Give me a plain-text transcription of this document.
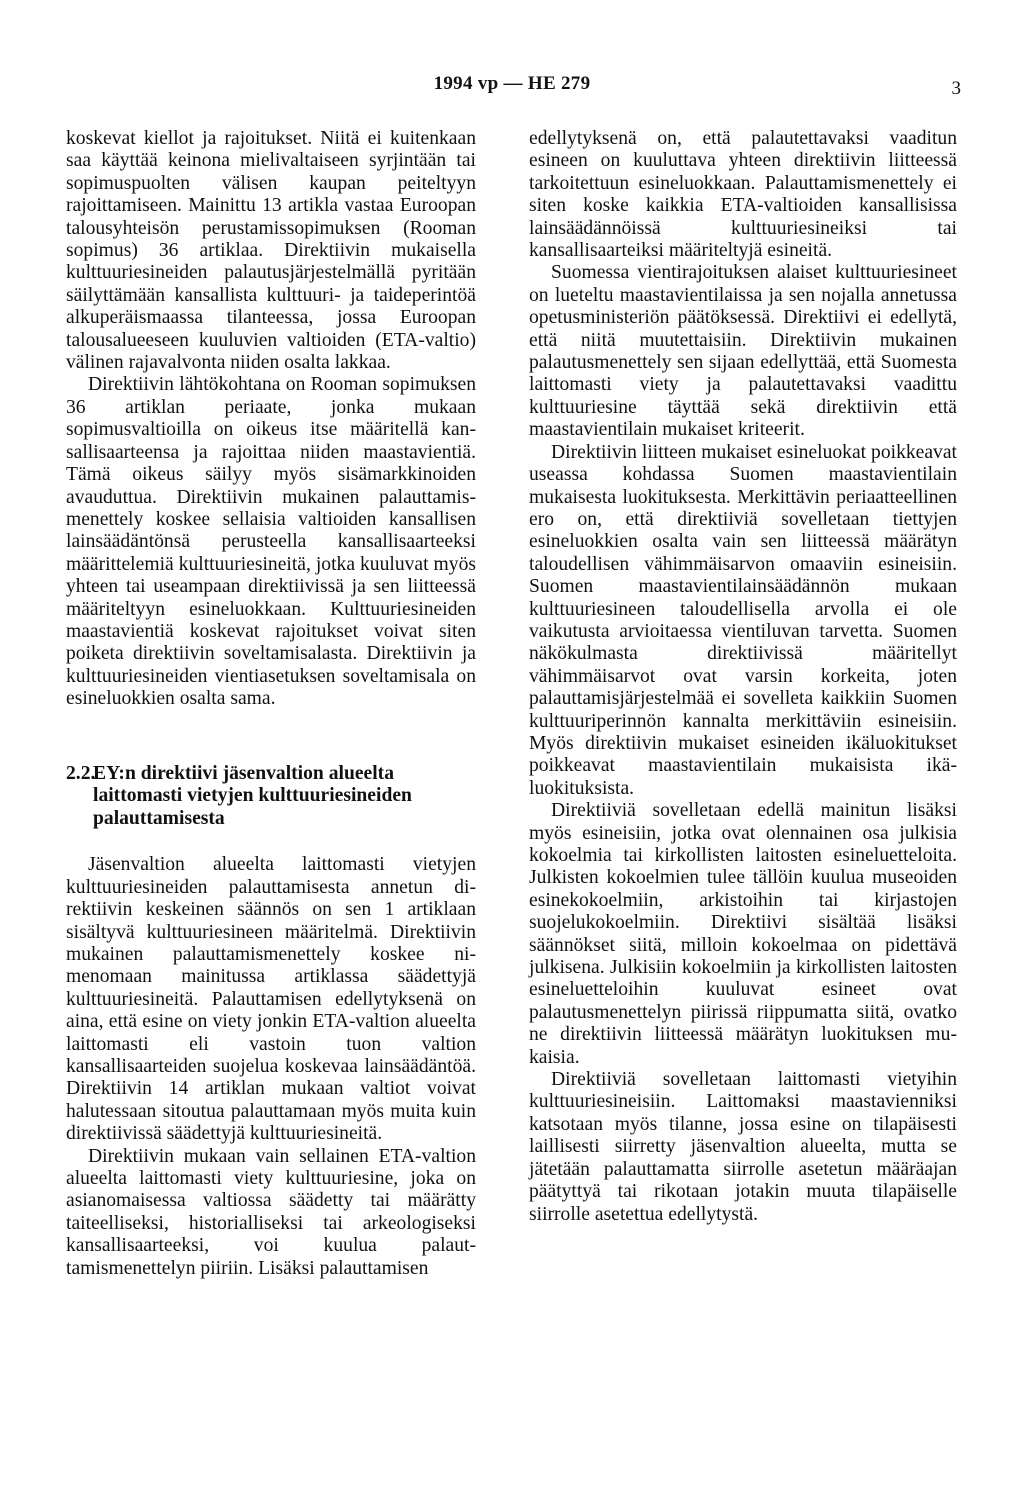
1994 vp — HE 279	3

koskevat kiellot ja rajoitukset. Niitä ei kuitenkaan saa käyttää keinona mielivaltaiseen syrjintään tai sopimuspuolten välisen kaupan peiteltyyn rajoittamiseen. Mainittu 13 artikla vastaa Euroopan talousyhteisön perustamissopimuksen (Rooman sopimus) 36 artiklaa. Direktiivin mukaisella kulttuuriesineiden palautusjärjestelmällä pyritään säilyttämään kansallista kulttuuri- ja taideperintöä alkuperäismaassa tilanteessa, jossa Euroopan talousalueeseen kuuluvien valtioiden (ETA-valtio) välinen rajavalvonta niiden osalta lakkaa.

Direktiivin lähtökohtana on Rooman sopimuksen 36 artiklan periaate, jonka mukaan sopimusvaltioilla on oikeus itse määritellä kansallisaarteensa ja rajoittaa niiden maastavientiä. Tämä oikeus säilyy myös sisämarkkinoiden avauduttua. Direktiivin mukainen palauttamismenettely koskee sellaisia valtioiden kansallisen lainsäädäntönsä perusteella kansallisaarteeksi määrittelemiä kulttuuriesineitä, jotka kuuluvat myös yhteen tai useampaan direktiivissä ja sen liitteessä määriteltyyn esineluokkaan. Kulttuuriesineiden maastavientiä koskevat rajoitukset voivat siten poiketa direktiivin soveltamisalasta. Direktiivin ja kulttuuriesineiden vientiasetuksen soveltamisala on esineluokkien osalta sama.

2.2.
EY:n direktiivi jäsenvaltion alueelta laittomasti vietyjen kulttuuriesineiden palauttamisesta

Jäsenvaltion alueelta laittomasti vietyjen kulttuuriesineiden palauttamisesta annetun direktiivin keskeinen säännös on sen 1 artiklaan sisältyvä kulttuuriesineen määritelmä. Direktiivin mukainen palauttamismenettely koskee nimenomaan mainitussa artiklassa säädettyjä kulttuuriesineitä. Palauttamisen edellytyksenä on aina, että esine on viety jonkin ETA-valtion alueelta laittomasti eli vastoin tuon valtion kansallisaarteiden suojelua koskevaa lainsäädäntöä. Direktiivin 14 artiklan mukaan valtiot voivat halutessaan sitoutua palauttamaan myös muita kuin direktiivissä säädettyjä kulttuuriesineitä.

Direktiivin mukaan vain sellainen ETA-valtion alueelta laittomasti viety kulttuuriesine, joka on asianomaisessa valtiossa säädetty tai määrätty taiteelliseksi, historialliseksi tai arkeologiseksi kansallisaarteeksi, voi kuulua palauttamismenettelyn piiriin. Lisäksi palauttamisen

edellytyksenä on, että palautettavaksi vaaditun esineen on kuuluttava yhteen direktiivin liitteessä tarkoitettuun esineluokkaan. Palauttamismenettely ei siten koske kaikkia ETA-valtioiden kansallisissa lainsäädännöissä kulttuuriesineiksi tai kansallisaarteiksi määriteltyjä esineitä.

Suomessa vientirajoituksen alaiset kulttuuriesineet on lueteltu maastavientilaissa ja sen nojalla annetussa opetusministeriön päätöksessä. Direktiivi ei edellytä, että niitä muutettaisiin. Direktiivin mukainen palautusmenettely sen sijaan edellyttää, että Suomesta laittomasti viety ja palautettavaksi vaadittu kulttuuriesine täyttää sekä direktiivin että maastavientilain mukaiset kriteerit.

Direktiivin liitteen mukaiset esineluokat poikkeavat useassa kohdassa Suomen maastavientilain mukaisesta luokituksesta. Merkittävin periaatteellinen ero on, että direktiiviä sovelletaan tiettyjen esineluokkien osalta vain sen liitteessä määrätyn taloudellisen vähimmäisarvon omaaviin esineisiin. Suomen maastavientilainsäädännön mukaan kulttuuriesineen taloudellisella arvolla ei ole vaikutusta arvioitaessa vientiluvan tarvetta. Suomen näkökulmasta direktiivissä määritellyt vähimmäisarvot ovat varsin korkeita, joten palauttamisjärjestelmää ei sovelleta kaikkiin Suomen kulttuuriperinnön kannalta merkittäviin esineisiin. Myös direktiivin mukaiset esineiden ikäluokitukset poikkeavat maastavientilain mukaisista ikäluokituksista.

Direktiiviä sovelletaan edellä mainitun lisäksi myös esineisiin, jotka ovat olennainen osa julkisia kokoelmia tai kirkollisten laitosten esineluetteloita. Julkisten kokoelmien tulee tällöin kuulua museoiden esinekokoelmiin, arkistoihin tai kirjastojen suojelukokoelmiin. Direktiivi sisältää lisäksi säännökset siitä, milloin kokoelmaa on pidettävä julkisena. Julkisiin kokoelmiin ja kirkollisten laitosten esineluetteloihin kuuluvat esineet ovat palautusmenettelyn piirissä riippumatta siitä, ovatko ne direktiivin liitteessä määrätyn luokituksen mukaisia.

Direktiiviä sovelletaan laittomasti vietyihin kulttuuriesineisiin. Laittomaksi maastavienniksi katsotaan myös tilanne, jossa esine on tilapäisesti laillisesti siirretty jäsenvaltion alueelta, mutta se jätetään palauttamatta siirrolle asetetun määräajan päätyttyä tai rikotaan jotakin muuta tilapäiselle siirrolle asetettua edellytystä.
